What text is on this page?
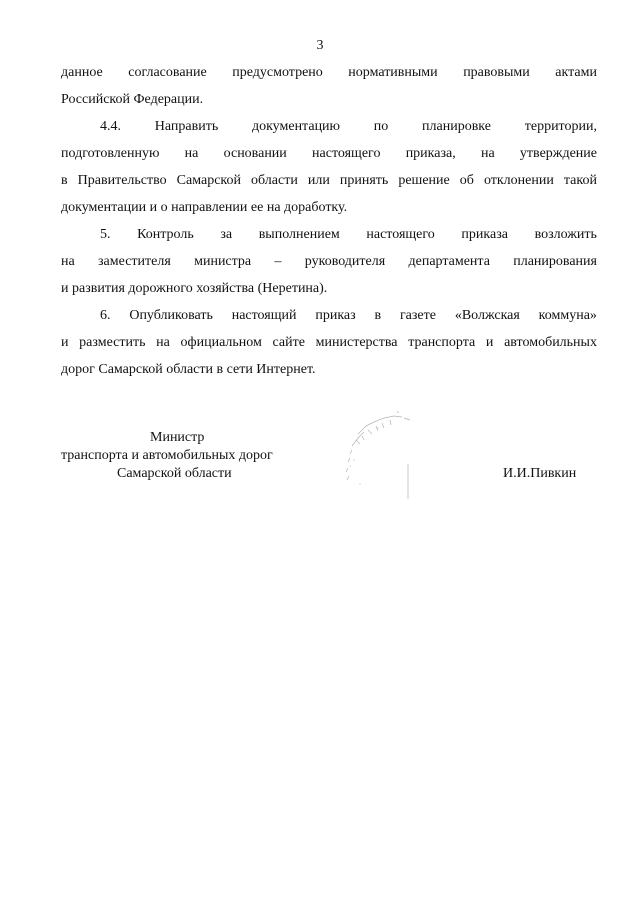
3
данное согласование предусмотрено нормативными правовыми актами
Российской Федерации.
4.4. Направить документацию по планировке территории,
подготовленную на основании настоящего приказа, на утверждение
в Правительство Самарской области или принять решение об отклонении такой
документации и о направлении ее на доработку.
5. Контроль за выполнением настоящего приказа возложить
на заместителя министра – руководителя департамента планирования
и развития дорожного хозяйства (Неретина).
6. Опубликовать настоящий приказ в газете «Волжская коммуна»
и разместить на официальном сайте министерства транспорта и автомобильных
дорог Самарской области в сети Интернет.
Министр
транспорта и автомобильных дорог
Самарской области	И.И.Пивкин
